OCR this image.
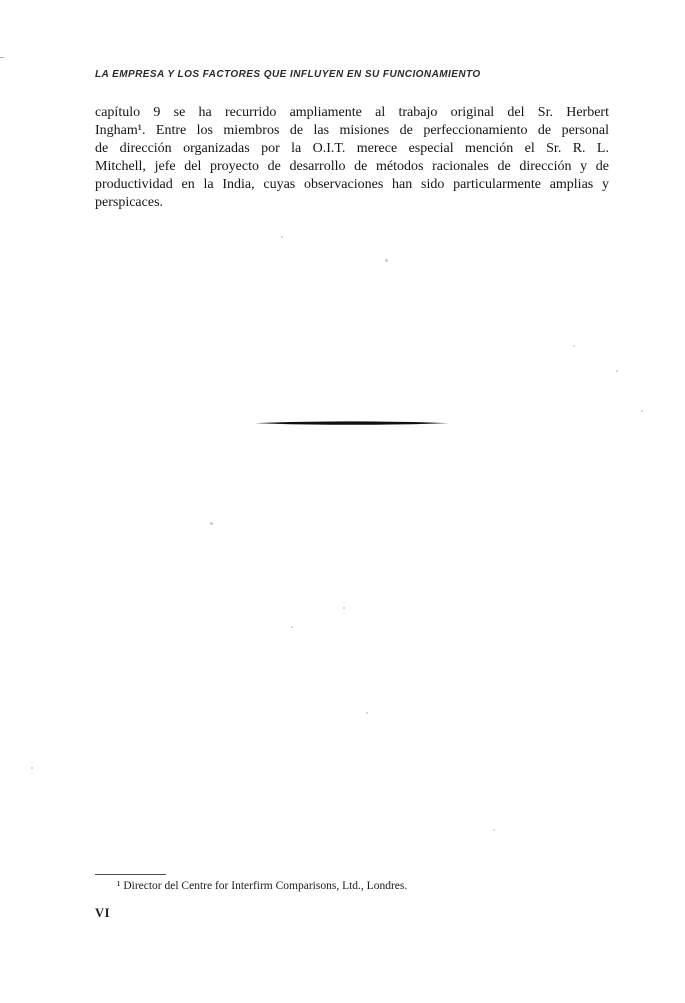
LA EMPRESA Y LOS FACTORES QUE INFLUYEN EN SU FUNCIONAMIENTO
capítulo 9 se ha recurrido ampliamente al trabajo original del Sr. Herbert
Ingham¹. Entre los miembros de las misiones de perfeccionamiento de personal
de dirección organizadas por la O.I.T. merece especial mención el Sr. R. L.
Mitchell, jefe del proyecto de desarrollo de métodos racionales de dirección y de
productividad en la India, cuyas observaciones han sido particularmente amplias y
perspicaces.
¹ Director del Centre for Interfirm Comparisons, Ltd., Londres.
VI
